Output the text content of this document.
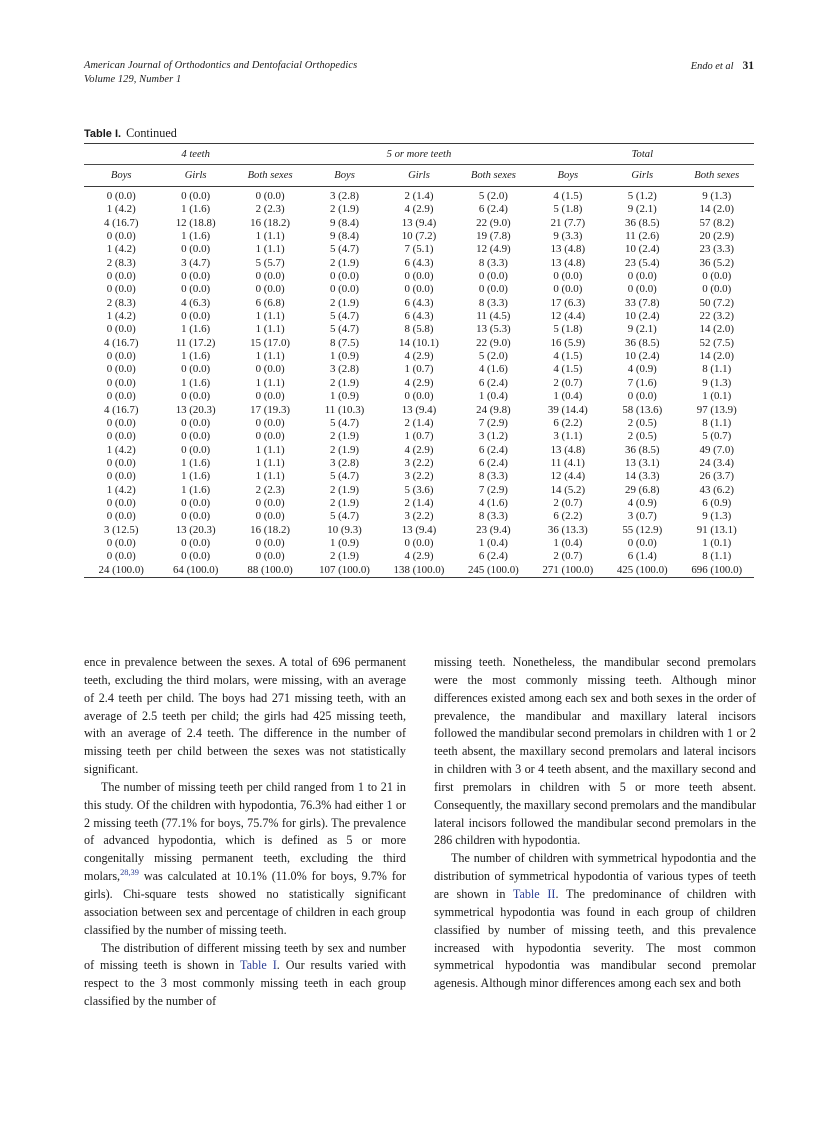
American Journal of Orthodontics and Dentofacial Orthopedics
Volume 129, Number 1
Endo et al 31
Table I. Continued

4 teeth			5 or more teeth			Total		
Boys	Girls	Both sexes	Boys	Girls	Both sexes	Boys	Girls	Both sexes
0 (0.0)	0 (0.0)	0 (0.0)	3 (2.8)	2 (1.4)	5 (2.0)	4 (1.5)	5 (1.2)	9 (1.3)
1 (4.2)	1 (1.6)	2 (2.3)	2 (1.9)	4 (2.9)	6 (2.4)	5 (1.8)	9 (2.1)	14 (2.0)
4 (16.7)	12 (18.8)	16 (18.2)	9 (8.4)	13 (9.4)	22 (9.0)	21 (7.7)	36 (8.5)	57 (8.2)
0 (0.0)	1 (1.6)	1 (1.1)	9 (8.4)	10 (7.2)	19 (7.8)	9 (3.3)	11 (2.6)	20 (2.9)
1 (4.2)	0 (0.0)	1 (1.1)	5 (4.7)	7 (5.1)	12 (4.9)	13 (4.8)	10 (2.4)	23 (3.3)
2 (8.3)	3 (4.7)	5 (5.7)	2 (1.9)	6 (4.3)	8 (3.3)	13 (4.8)	23 (5.4)	36 (5.2)
0 (0.0)	0 (0.0)	0 (0.0)	0 (0.0)	0 (0.0)	0 (0.0)	0 (0.0)	0 (0.0)	0 (0.0)
0 (0.0)	0 (0.0)	0 (0.0)	0 (0.0)	0 (0.0)	0 (0.0)	0 (0.0)	0 (0.0)	0 (0.0)
2 (8.3)	4 (6.3)	6 (6.8)	2 (1.9)	6 (4.3)	8 (3.3)	17 (6.3)	33 (7.8)	50 (7.2)
1 (4.2)	0 (0.0)	1 (1.1)	5 (4.7)	6 (4.3)	11 (4.5)	12 (4.4)	10 (2.4)	22 (3.2)
0 (0.0)	1 (1.6)	1 (1.1)	5 (4.7)	8 (5.8)	13 (5.3)	5 (1.8)	9 (2.1)	14 (2.0)
4 (16.7)	11 (17.2)	15 (17.0)	8 (7.5)	14 (10.1)	22 (9.0)	16 (5.9)	36 (8.5)	52 (7.5)
0 (0.0)	1 (1.6)	1 (1.1)	1 (0.9)	4 (2.9)	5 (2.0)	4 (1.5)	10 (2.4)	14 (2.0)
0 (0.0)	0 (0.0)	0 (0.0)	3 (2.8)	1 (0.7)	4 (1.6)	4 (1.5)	4 (0.9)	8 (1.1)
0 (0.0)	1 (1.6)	1 (1.1)	2 (1.9)	4 (2.9)	6 (2.4)	2 (0.7)	7 (1.6)	9 (1.3)
0 (0.0)	0 (0.0)	0 (0.0)	1 (0.9)	0 (0.0)	1 (0.4)	1 (0.4)	0 (0.0)	1 (0.1)
4 (16.7)	13 (20.3)	17 (19.3)	11 (10.3)	13 (9.4)	24 (9.8)	39 (14.4)	58 (13.6)	97 (13.9)
0 (0.0)	0 (0.0)	0 (0.0)	5 (4.7)	2 (1.4)	7 (2.9)	6 (2.2)	2 (0.5)	8 (1.1)
0 (0.0)	0 (0.0)	0 (0.0)	2 (1.9)	1 (0.7)	3 (1.2)	3 (1.1)	2 (0.5)	5 (0.7)
1 (4.2)	0 (0.0)	1 (1.1)	2 (1.9)	4 (2.9)	6 (2.4)	13 (4.8)	36 (8.5)	49 (7.0)
0 (0.0)	1 (1.6)	1 (1.1)	3 (2.8)	3 (2.2)	6 (2.4)	11 (4.1)	13 (3.1)	24 (3.4)
0 (0.0)	1 (1.6)	1 (1.1)	5 (4.7)	3 (2.2)	8 (3.3)	12 (4.4)	14 (3.3)	26 (3.7)
1 (4.2)	1 (1.6)	2 (2.3)	2 (1.9)	5 (3.6)	7 (2.9)	14 (5.2)	29 (6.8)	43 (6.2)
0 (0.0)	0 (0.0)	0 (0.0)	2 (1.9)	2 (1.4)	4 (1.6)	2 (0.7)	4 (0.9)	6 (0.9)
0 (0.0)	0 (0.0)	0 (0.0)	5 (4.7)	3 (2.2)	8 (3.3)	6 (2.2)	3 (0.7)	9 (1.3)
3 (12.5)	13 (20.3)	16 (18.2)	10 (9.3)	13 (9.4)	23 (9.4)	36 (13.3)	55 (12.9)	91 (13.1)
0 (0.0)	0 (0.0)	0 (0.0)	1 (0.9)	0 (0.0)	1 (0.4)	1 (0.4)	0 (0.0)	1 (0.1)
0 (0.0)	0 (0.0)	0 (0.0)	2 (1.9)	4 (2.9)	6 (2.4)	2 (0.7)	6 (1.4)	8 (1.1)
24 (100.0)	64 (100.0)	88 (100.0)	107 (100.0)	138 (100.0)	245 (100.0)	271 (100.0)	425 (100.0)	696 (100.0)

ence in prevalence between the sexes. A total of 696 permanent teeth, excluding the third molars, were missing, with an average of 2.4 teeth per child. The boys had 271 missing teeth, with an average of 2.5 teeth per child; the girls had 425 missing teeth, with an average of 2.4 teeth. The difference in the number of missing teeth per child between the sexes was not statistically significant.

The number of missing teeth per child ranged from 1 to 21 in this study. Of the children with hypodontia, 76.3% had either 1 or 2 missing teeth (77.1% for boys, 75.7% for girls). The prevalence of advanced hypodontia, which is defined as 5 or more congenitally missing permanent teeth, excluding the third molars,$^{28,39}$ was calculated at 10.1% (11.0% for boys, 9.7% for girls). Chi-square tests showed no statistically significant association between sex and percentage of children in each group classified by the number of missing teeth.

The distribution of different missing teeth by sex and number of missing teeth is shown in Table I. Our results varied with respect to the 3 most commonly missing teeth in each group classified by the number of

missing teeth. Nonetheless, the mandibular second premolars were the most commonly missing teeth. Although minor differences existed among each sex and both sexes in the order of prevalence, the mandibular and maxillary lateral incisors followed the mandibular second premolars in children with 1 or 2 teeth absent, the maxillary second premolars and lateral incisors in children with 3 or 4 teeth absent, and the maxillary second and first premolars in children with 5 or more teeth absent. Consequently, the maxillary second premolars and the mandibular lateral incisors followed the mandibular second premolars in the 286 children with hypodontia.

The number of children with symmetrical hypodontia and the distribution of symmetrical hypodontia of various types of teeth are shown in Table II. The predominance of children with symmetrical hypodontia was found in each group of children classified by number of missing teeth, and this prevalence increased with hypodontia severity. The most common symmetrical hypodontia was mandibular second premolar agenesis. Although minor differences among each sex and both
